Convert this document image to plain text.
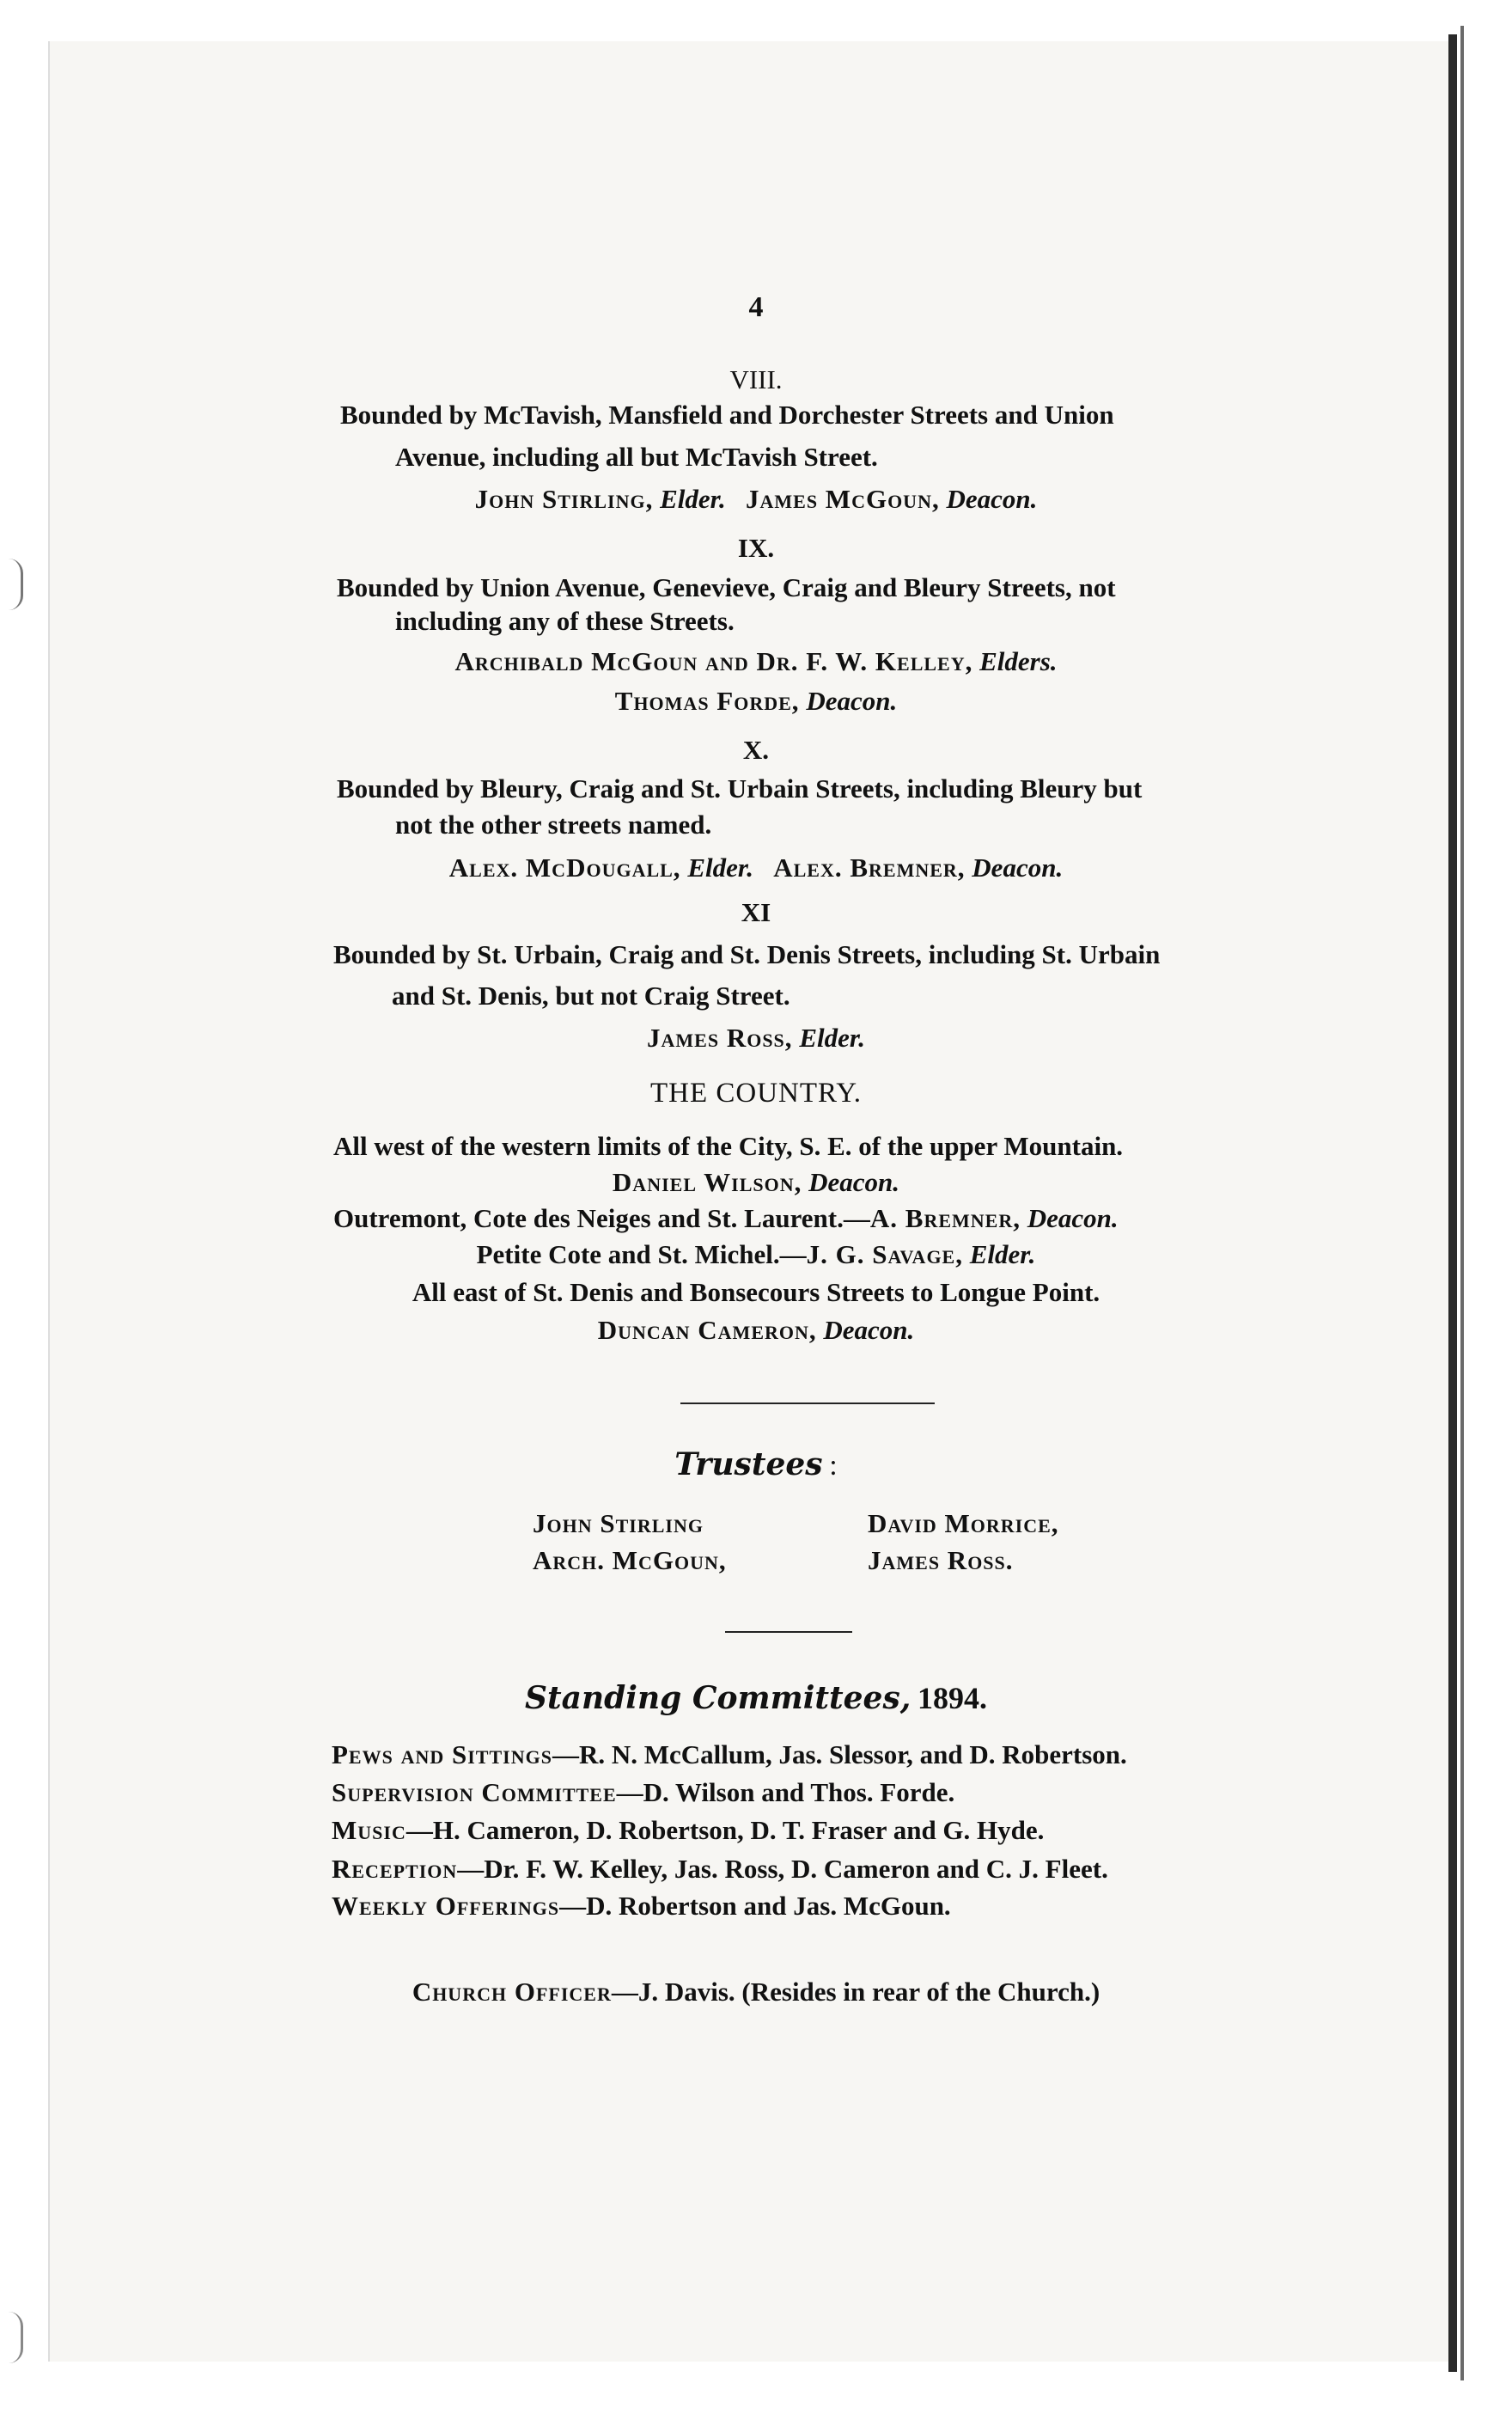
4
VIII.
Bounded by McTavish, Mansfield and Dorchester Streets and Union
Avenue, including all but McTavish Street.
John Stirling, Elder. James McGoun, Deacon.
IX.
Bounded by Union Avenue, Genevieve, Craig and Bleury Streets, not
including any of these Streets.
Archibald McGoun and Dr. F. W. Kelley, Elders.
Thomas Forde, Deacon.
X.
Bounded by Bleury, Craig and St. Urbain Streets, including Bleury but
not the other streets named.
Alex. McDougall, Elder. Alex. Bremner, Deacon.
XI
Bounded by St. Urbain, Craig and St. Denis Streets, including St. Urbain
and St. Denis, but not Craig Street.
James Ross, Elder.
THE COUNTRY.
All west of the western limits of the City, S. E. of the upper Mountain.
Daniel Wilson, Deacon.
Outremont, Cote des Neiges and St. Laurent.—A. Bremner, Deacon.
Petite Cote and St. Michel.—J. G. Savage, Elder.
All east of St. Denis and Bonsecours Streets to Longue Point.
Duncan Cameron, Deacon.
Trustees :
John Stirling	David Morrice,
Arch. McGoun,	James Ross.
Standing Committees, 1894.
Pews and Sittings—R. N. McCallum, Jas. Slessor, and D. Robertson.
Supervision Committee—D. Wilson and Thos. Forde.
Music—H. Cameron, D. Robertson, D. T. Fraser and G. Hyde.
Reception—Dr. F. W. Kelley, Jas. Ross, D. Cameron and C. J. Fleet.
Weekly Offerings—D. Robertson and Jas. McGoun.
Church Officer—J. Davis. (Resides in rear of the Church.)
